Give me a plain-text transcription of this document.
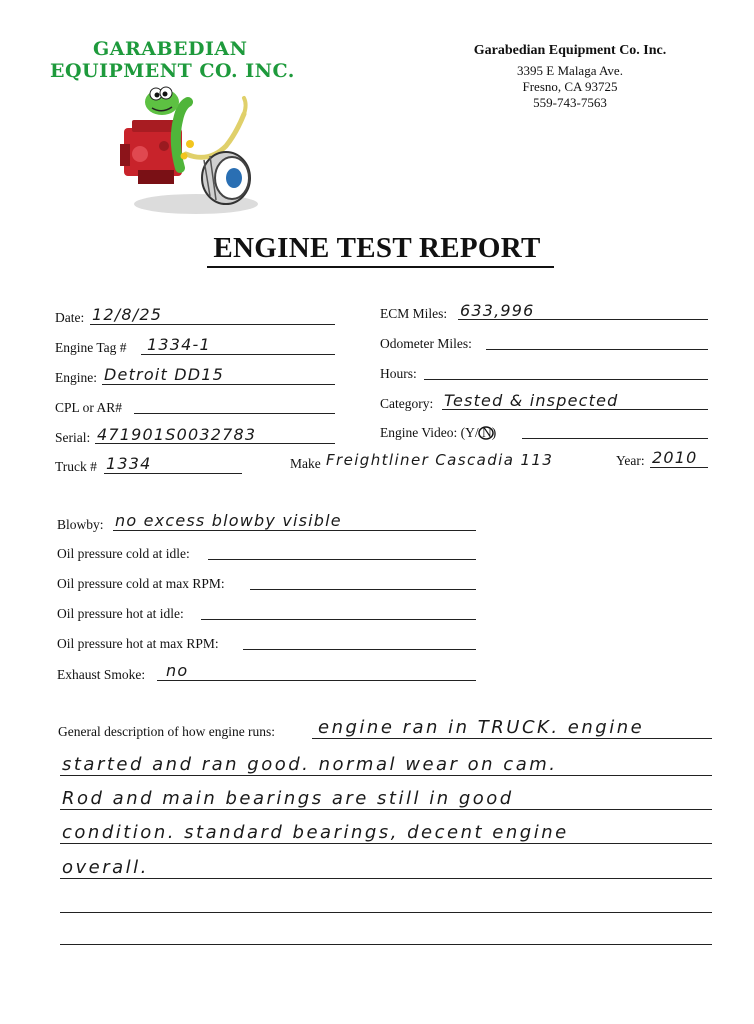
GARABEDIAN
EQUIPMENT CO. INC.
Garabedian Equipment Co. Inc.
3395 E Malaga Ave.
Fresno, CA 93725
559-743-7563
ENGINE TEST REPORT
Date: 12/8/25
Engine Tag # 1334-1
Engine: Detroit DD15
CPL or AR#
Serial: 471901S0032783
Truck # 1334	Make Freightliner Cascadia 113	Year: 2010
ECM Miles: 633,996
Odometer Miles:
Hours:
Category: Tested & inspected
Engine Video: (Y/ N)
Blowby: no excess blowby visible
Oil pressure cold at idle:
Oil pressure cold at max RPM:
Oil pressure hot at idle:
Oil pressure hot at max RPM:
Exhaust Smoke: no
General description of how engine runs: engine ran in TRUCK. engine
started and ran good. normal wear on cam.
Rod and main bearings are still in good
condition. standard bearings, decent engine
overall.
